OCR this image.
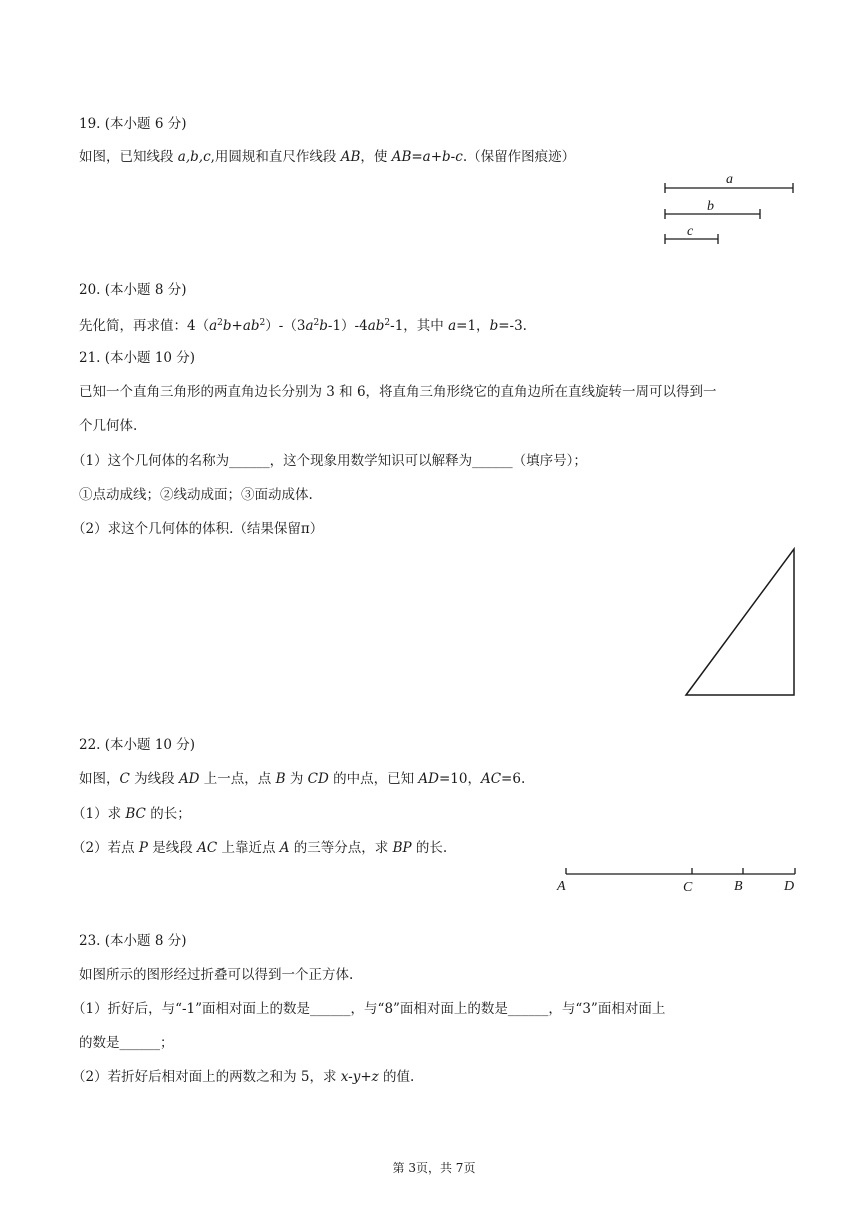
19. (本小题 6 分)
如图，已知线段 a,b,c,用圆规和直尺作线段 AB，使 AB=a+b-c.（保留作图痕迹）
a
b
c
20. (本小题 8 分)
先化简，再求值：$4(a^2b+ab^2)-(3a^2b-1)-4ab^2-1$，其中 a=1，b=-3.
21. (本小题 10 分)
已知一个直角三角形的两直角边长分别为 3 和 6，将直角三角形绕它的直角边所在直线旋转一周可以得到一
个几何体.
（1）这个几何体的名称为______，这个现象用数学知识可以解释为______（填序号）；
①点动成线；②线动成面；③面动成体.
（2）求这个几何体的体积.（结果保留π）
22. (本小题 10 分)
如图，C 为线段 AD 上一点，点 B 为 CD 的中点，已知 AD=10，AC=6.
（1）求 BC 的长；
（2）若点 P 是线段 AC 上靠近点 A 的三等分点，求 BP 的长.
A	C	B	D
23. (本小题 8 分)
如图所示的图形经过折叠可以得到一个正方体.
（1）折好后，与“-1”面相对面上的数是______，与“8”面相对面上的数是______，与“3”面相对面上
的数是______；
（2）若折好后相对面上的两数之和为 5，求 x-y+z 的值.
第 3页，共 7页
